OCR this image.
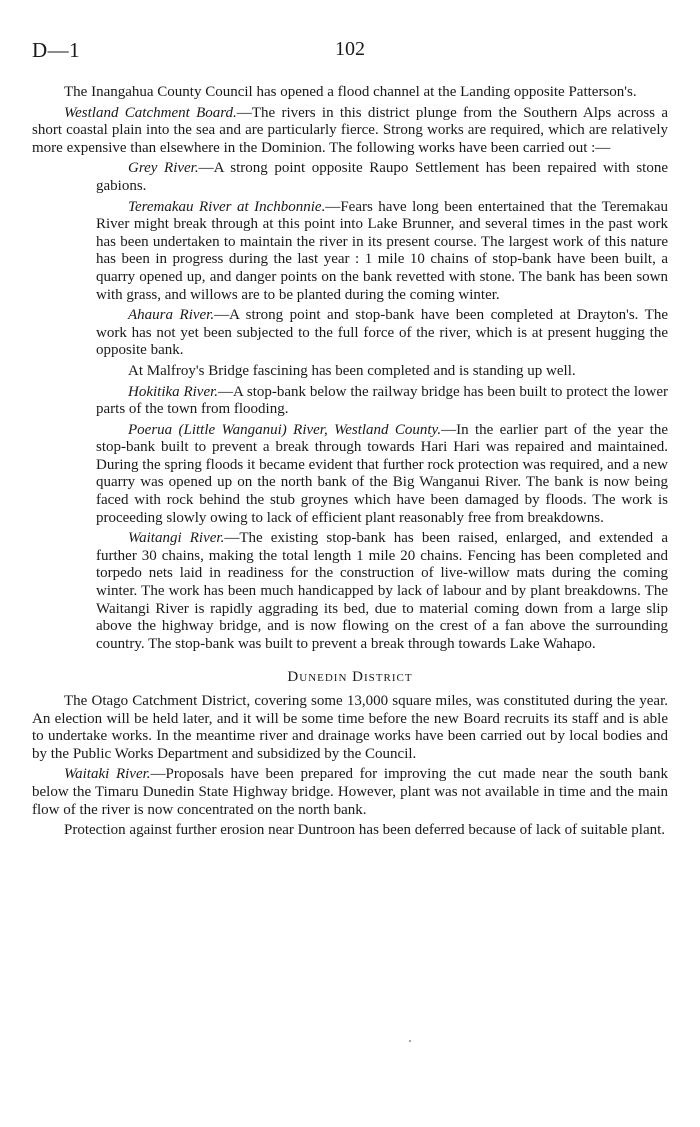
D—1	102

The Inangahua County Council has opened a flood channel at the Landing opposite Patterson's.

Westland Catchment Board.—The rivers in this district plunge from the Southern Alps across a short coastal plain into the sea and are particularly fierce. Strong works are required, which are relatively more expensive than elsewhere in the Dominion. The following works have been carried out :—

Grey River.—A strong point opposite Raupo Settlement has been repaired with stone gabions.

Teremakau River at Inchbonnie.—Fears have long been entertained that the Teremakau River might break through at this point into Lake Brunner, and several times in the past work has been undertaken to maintain the river in its present course. The largest work of this nature has been in progress during the last year : 1 mile 10 chains of stop-bank have been built, a quarry opened up, and danger points on the bank revetted with stone. The bank has been sown with grass, and willows are to be planted during the coming winter.

Ahaura River.—A strong point and stop-bank have been completed at Drayton's. The work has not yet been subjected to the full force of the river, which is at present hugging the opposite bank.

At Malfroy's Bridge fascining has been completed and is standing up well.

Hokitika River.—A stop-bank below the railway bridge has been built to protect the lower parts of the town from flooding.

Poerua (Little Wanganui) River, Westland County.—In the earlier part of the year the stop-bank built to prevent a break through towards Hari Hari was repaired and maintained. During the spring floods it became evident that further rock protection was required, and a new quarry was opened up on the north bank of the Big Wanganui River. The bank is now being faced with rock behind the stub groynes which have been damaged by floods. The work is proceeding slowly owing to lack of efficient plant reasonably free from breakdowns.

Waitangi River.—The existing stop-bank has been raised, enlarged, and extended a further 30 chains, making the total length 1 mile 20 chains. Fencing has been completed and torpedo nets laid in readiness for the construction of live-willow mats during the coming winter. The work has been much handicapped by lack of labour and by plant breakdowns. The Waitangi River is rapidly aggrading its bed, due to material coming down from a large slip above the highway bridge, and is now flowing on the crest of a fan above the surrounding country. The stop-bank was built to prevent a break through towards Lake Wahapo.

Dunedin District

The Otago Catchment District, covering some 13,000 square miles, was constituted during the year. An election will be held later, and it will be some time before the new Board recruits its staff and is able to undertake works. In the meantime river and drainage works have been carried out by local bodies and by the Public Works Department and subsidized by the Council.

Waitaki River.—Proposals have been prepared for improving the cut made near the south bank below the Timaru Dunedin State Highway bridge. However, plant was not available in time and the main flow of the river is now concentrated on the north bank.

Protection against further erosion near Duntroon has been deferred because of lack of suitable plant.
